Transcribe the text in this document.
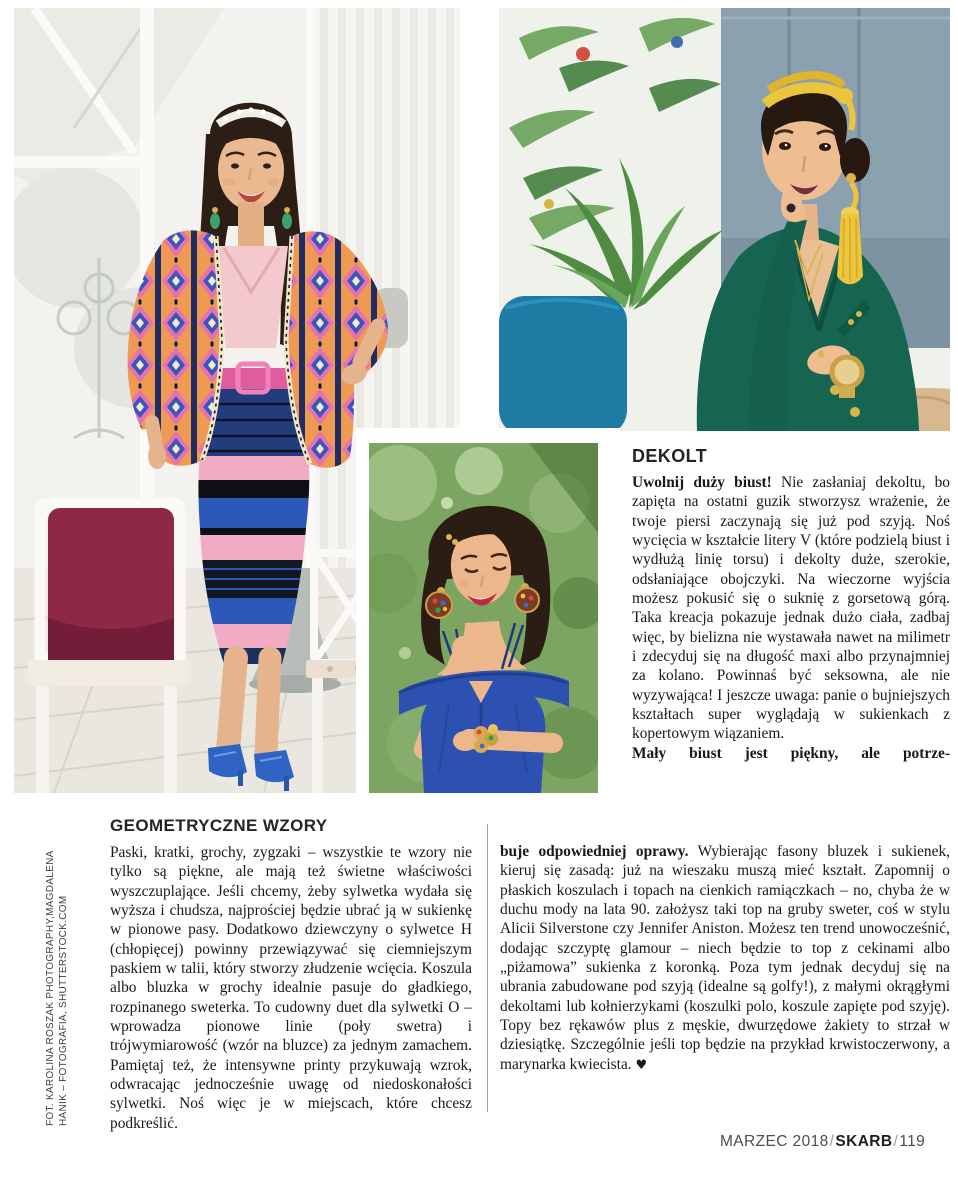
FOT. KAROLINA ROSZAK PHOTOGRAPHY,MAGDALENA HANIK – FOTOGRAFIA, SHUTTERSTOCK.COM
GEOMETRYCZNE WZORY

Paski, kratki, grochy, zygzaki – wszystkie te wzory nie tylko są piękne, ale mają też świetne właściwości wyszczuplające. Jeśli chcemy, żeby sylwetka wydała się wyższa i chudsza, najprościej będzie ubrać ją w sukienkę w pionowe pasy. Dodatkowo dziewczyny o sylwetce H (chłopięcej) powinny przewiązywać się ciemniejszym paskiem w talii, który stworzy złudzenie wcięcia. Koszula albo bluzka w grochy idealnie pasuje do gładkiego, rozpinanego sweterka. To cudowny duet dla sylwetki O – wprowadza pionowe linie (poły swetra) i trójwymiarowość (wzór na bluzce) za jednym zamachem. Pamiętaj też, że intensywne printy przykuwają wzrok, odwracając jednocześnie uwagę od niedoskonałości sylwetki. Noś więc je w miejscach, które chcesz podkreślić.

DEKOLT

Uwolnij duży biust! Nie zasłaniaj dekoltu, bo zapięta na ostatni guzik stworzysz wrażenie, że twoje piersi zaczynają się już pod szyją. Noś wycięcia w kształcie litery V (które podzielą biust i wydłużą linię torsu) i dekolty duże, szerokie, odsłaniające obojczyki. Na wieczorne wyjścia możesz pokusić się o suknię z gorsetową górą. Taka kreacja pokazuje jednak dużo ciała, zadbaj więc, by bielizna nie wystawała nawet na milimetr i zdecyduj się na długość maxi albo przynajmniej za kolano. Powinnaś być seksowna, ale nie wyzywająca! I jeszcze uwaga: panie o bujniejszych kształtach super wyglądają w sukienkach z kopertowym wiązaniem.

Mały biust jest piękny, ale potrze-

buje odpowiedniej oprawy. Wybierając fasony bluzek i sukienek, kieruj się zasadą: już na wieszaku muszą mieć kształt. Zapomnij o płaskich koszulach i topach na cienkich ramiączkach – no, chyba że w duchu mody na lata 90. założysz taki top na gruby sweter, coś w stylu Alicii Silverstone czy Jennifer Aniston. Możesz ten trend unowocześnić, dodając szczyptę glamour – niech będzie to top z cekinami albo „piżamowa” sukienka z koronką. Poza tym jednak decyduj się na ubrania zabudowane pod szyją (idealne są golfy!), z małymi okrągłymi dekoltami lub kołnierzykami (koszulki polo, koszule zapięte pod szyję). Topy bez rękawów plus z męskie, dwurzędowe żakiety to strzał w dziesiątkę. Szczególnie jeśli top będzie na przykład krwistoczerwony, a marynarka kwiecista. ♥

MARZEC 2018/SKARB/119
